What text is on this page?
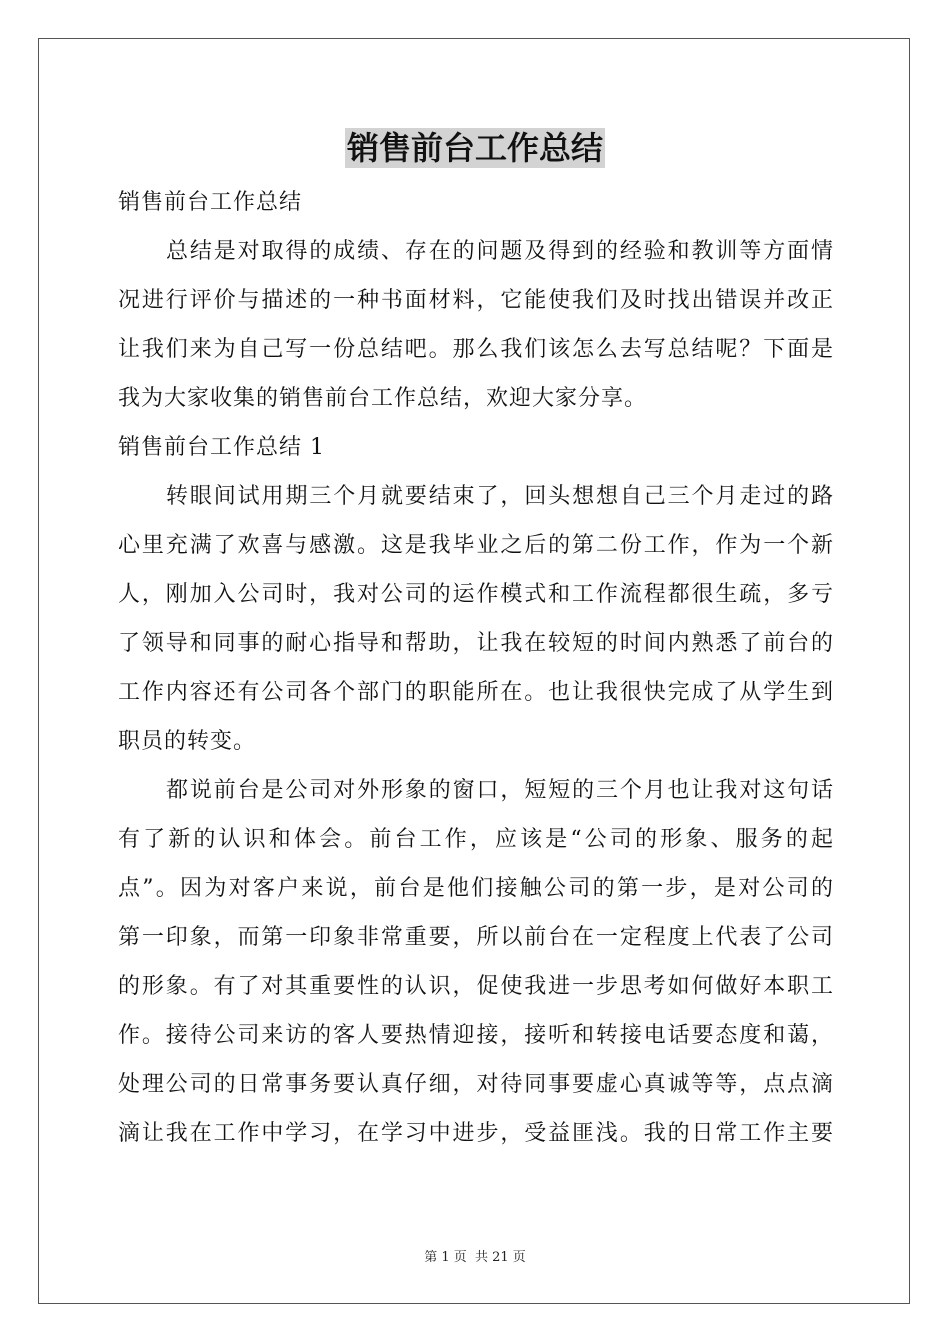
销售前台工作总结
销售前台工作总结
总结是对取得的成绩、存在的问题及得到的经验和教训等方面情
况进行评价与描述的一种书面材料，它能使我们及时找出错误并改正
让我们来为自己写一份总结吧。那么我们该怎么去写总结呢？下面是
我为大家收集的销售前台工作总结，欢迎大家分享。
销售前台工作总结 1
转眼间试用期三个月就要结束了，回头想想自己三个月走过的路
心里充满了欢喜与感激。这是我毕业之后的第二份工作，作为一个新
人，刚加入公司时，我对公司的运作模式和工作流程都很生疏，多亏
了领导和同事的耐心指导和帮助，让我在较短的时间内熟悉了前台的
工作内容还有公司各个部门的职能所在。也让我很快完成了从学生到
职员的转变。
都说前台是公司对外形象的窗口，短短的三个月也让我对这句话
有了新的认识和体会。前台工作，应该是“公司的形象、服务的起
点”。因为对客户来说，前台是他们接触公司的第一步，是对公司的
第一印象，而第一印象非常重要，所以前台在一定程度上代表了公司
的形象。有了对其重要性的认识，促使我进一步思考如何做好本职工
作。接待公司来访的客人要热情迎接，接听和转接电话要态度和蔼，
处理公司的日常事务要认真仔细，对待同事要虚心真诚等等，点点滴
滴让我在工作中学习，在学习中进步，受益匪浅。我的日常工作主要
第 1 页 共 21 页
